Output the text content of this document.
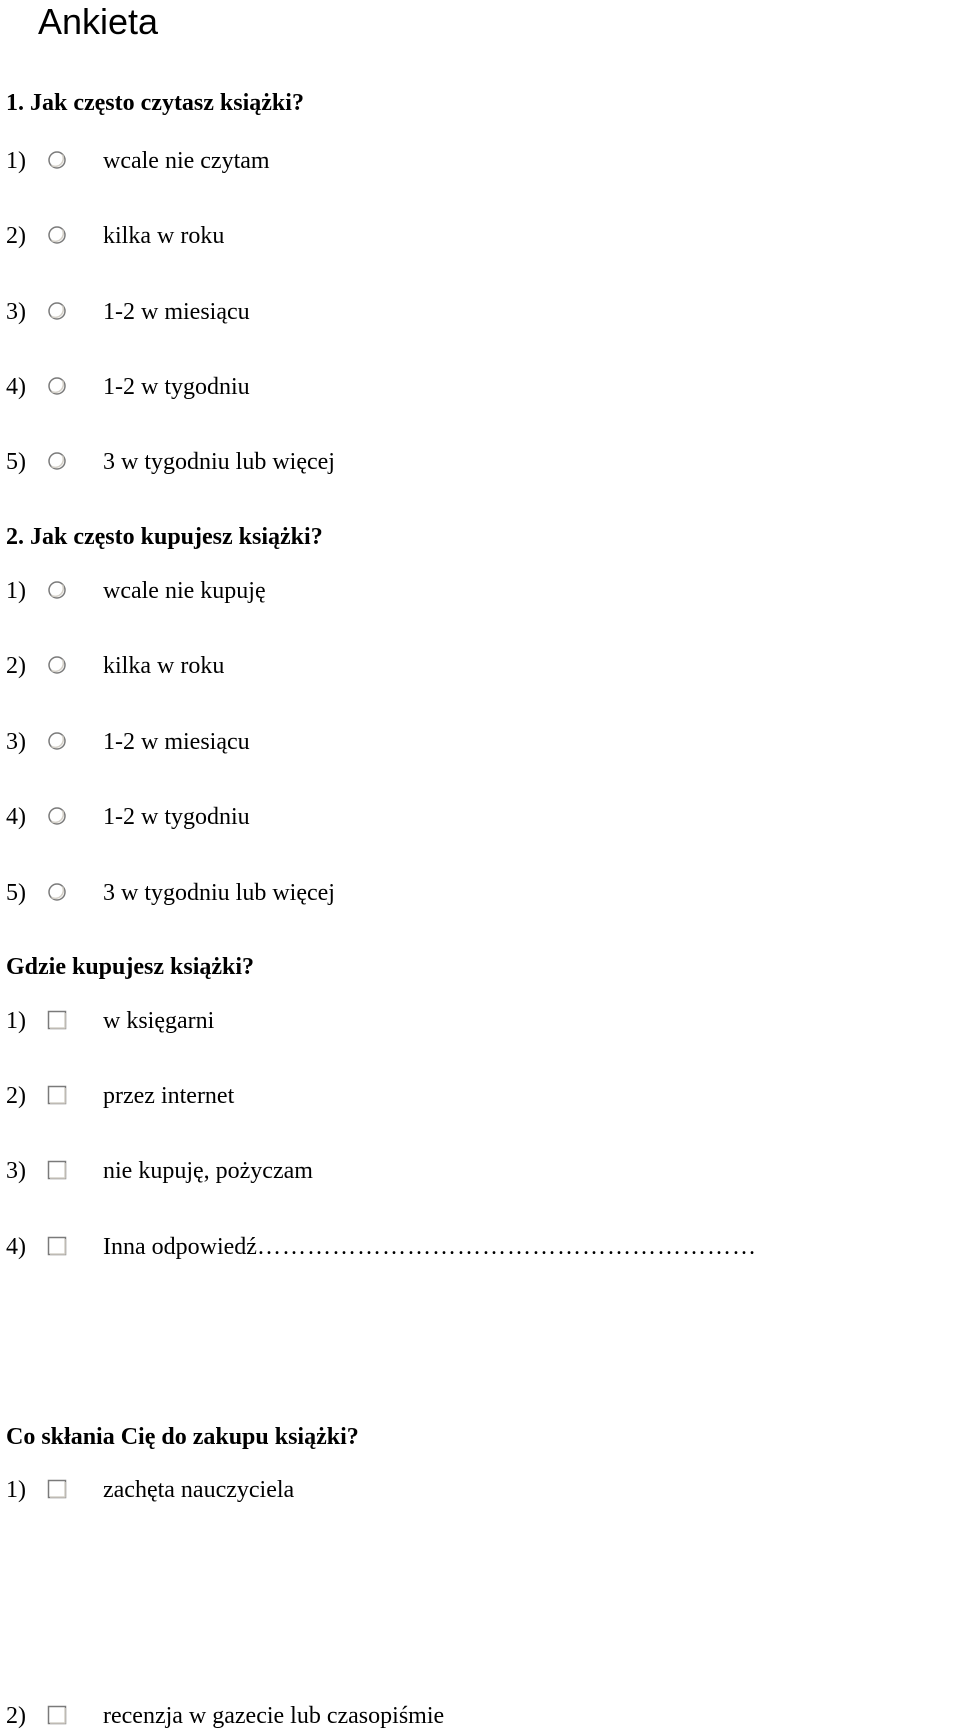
Ankieta
1. Jak często czytasz książki?
1)	wcale nie czytam
2)	kilka w roku
3)	1-2 w miesiącu
4)	1-2 w tygodniu
5)	3 w tygodniu lub więcej
2. Jak często kupujesz książki?
1)	wcale nie kupuję
2)	kilka w roku
3)	1-2 w miesiącu
4)	1-2 w tygodniu
5)	3 w tygodniu lub więcej
Gdzie kupujesz książki?
1)	w księgarni
2)	przez internet
3)	nie kupuję, pożyczam
4)	Inna odpowiedź……………………………………………………
Co skłania Cię do zakupu książki?
1)	zachęta nauczyciela
2)	recenzja w gazecie lub czasopiśmie
